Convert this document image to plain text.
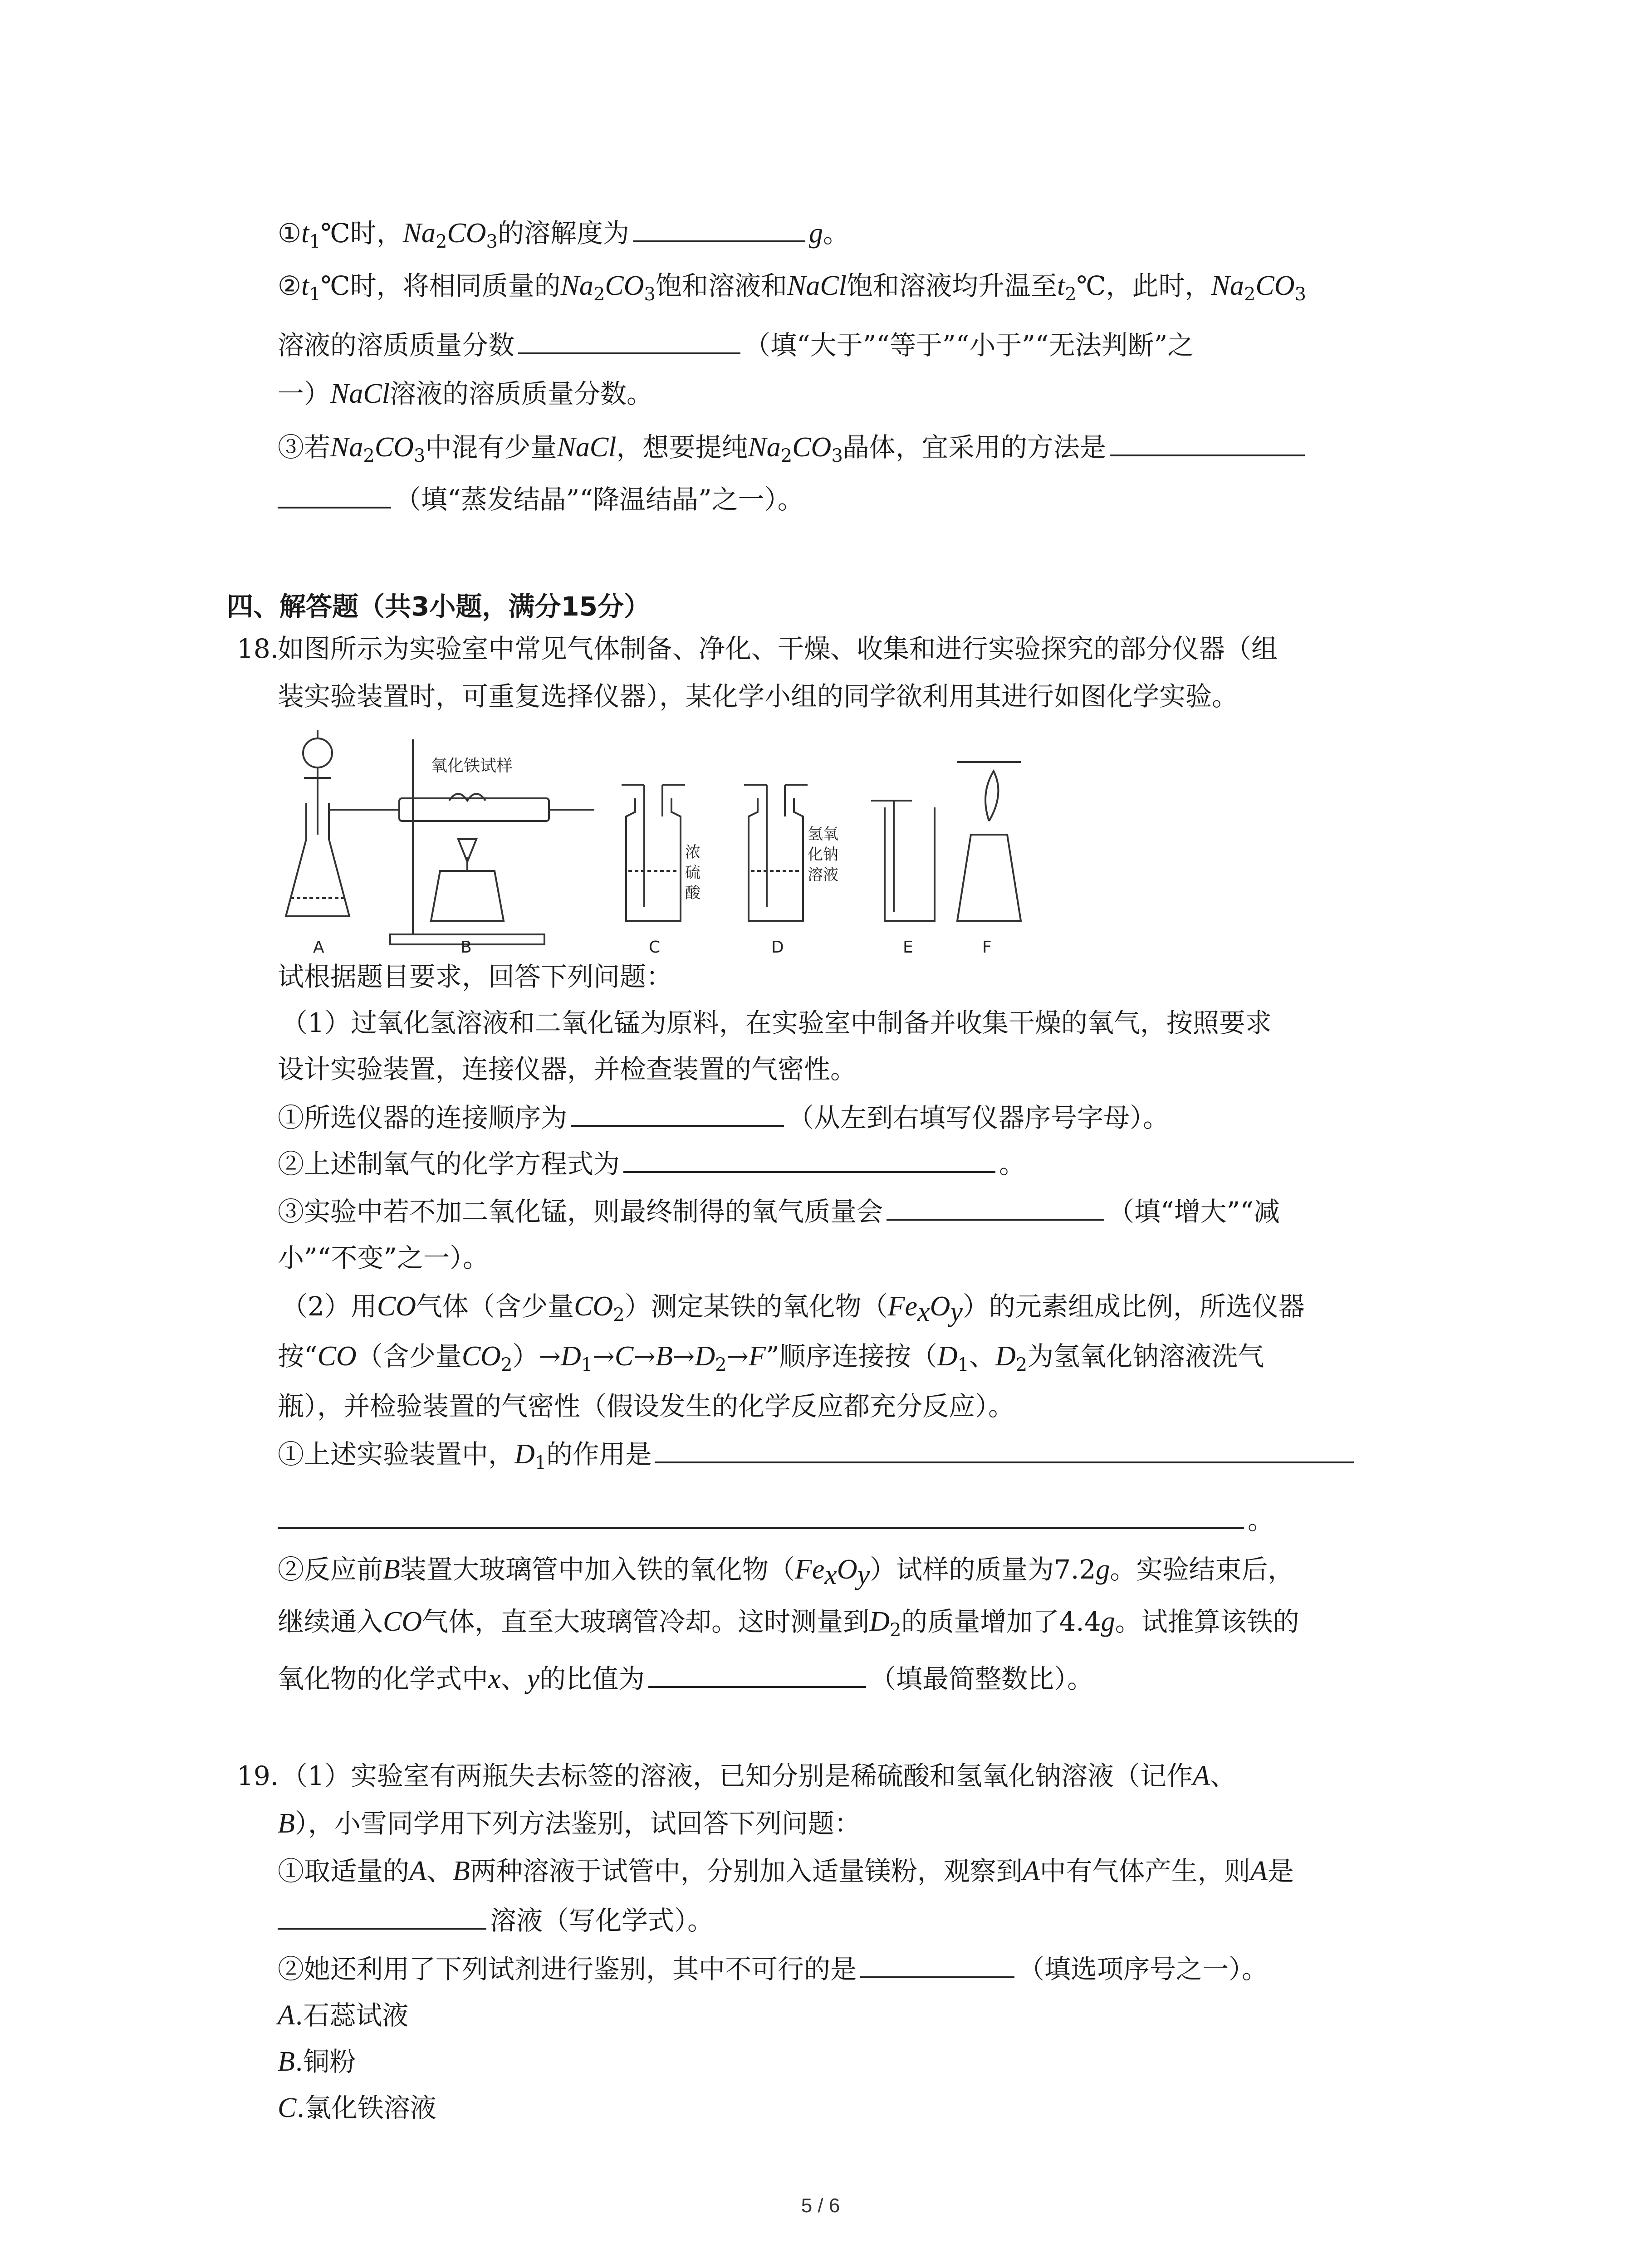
$①t_1℃$时，$Na_2CO_3$的溶解度为	g。
$②t_1℃$时，将相同质量的$Na_2CO_3$饱和溶液和NaCl饱和溶液均升温至$t_2℃$，此时，$Na_2CO_3$
溶液的溶质质量分数	（填“大于”“等于”“小于”“无法判断”之
一）NaCl溶液的溶质质量分数。
③若$Na_2CO_3$中混有少量NaCl，想要提纯$Na_2CO_3$晶体，宜采用的方法是
（填“蒸发结晶”“降温结晶”之一）。
四、解答题（共3小题，满分15分）
18.
如图所示为实验室中常见气体制备、净化、干燥、收集和进行实验探究的部分仪器（组
装实验装置时，可重复选择仪器），某化学小组的同学欲利用其进行如图化学实验。
氧化铁试样
浓
硫
酸
氢氧
化钠
溶液
A	B	C	D	E	F
试根据题目要求，回答下列问题：
（1）过氧化氢溶液和二氧化锰为原料，在实验室中制备并收集干燥的氧气，按照要求
设计实验装置，连接仪器，并检查装置的气密性。
①所选仪器的连接顺序为	（从左到右填写仪器序号字母）。
②上述制氧气的化学方程式为	。
③实验中若不加二氧化锰，则最终制得的氧气质量会	（填“增大”“减
小”“不变”之一）。
（2）用CO气体（含少量$CO_2$）测定某铁的氧化物$(Fe_xO_y)$的元素组成比例，所选仪器
按“CO（含少量$CO_2)\to D_1\to C\to B\to D_2\to F$”顺序连接按（$D_1$、$D_2$为氢氧化钠溶液洗气
瓶），并检验装置的气密性（假设发生的化学反应都充分反应）。
①上述实验装置中，$D_1$的作用是
。
②反应前B装置大玻璃管中加入铁的氧化物$(Fe_xO_y)$试样的质量为7.2g。实验结束后，
继续通入CO气体，直至大玻璃管冷却。这时测量到$D_2$的质量增加了4.4g。试推算该铁的
氧化物的化学式中x、y的比值为	（填最简整数比）。
19. （1）实验室有两瓶失去标签的溶液，已知分别是稀硫酸和氢氧化钠溶液（记作A、
B），小雪同学用下列方法鉴别，试回答下列问题：
①取适量的A、B两种溶液于试管中，分别加入适量镁粉，观察到A中有气体产生，则A是
溶液（写化学式）。
②她还利用了下列试剂进行鉴别，其中不可行的是	（填选项序号之一）。
A.石蕊试液
B.铜粉
C.氯化铁溶液
5 / 6
